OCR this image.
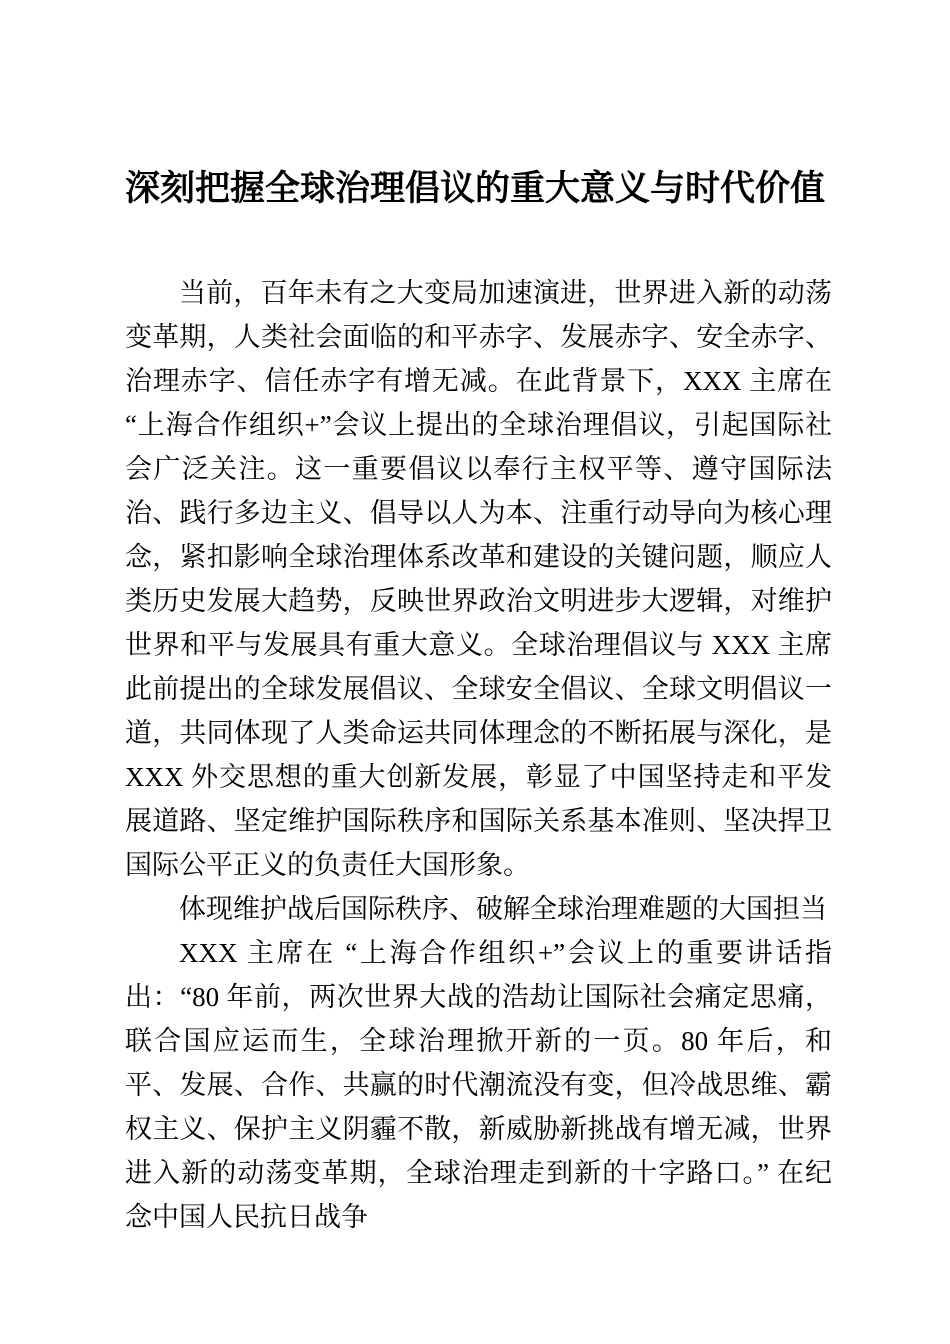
深刻把握全球治理倡议的重大意义与时代价值

当前，百年未有之大变局加速演进，世界进入新的动荡变革期，人类社会面临的和平赤字、发展赤字、安全赤字、治理赤字、信任赤字有增无减。在此背景下，XXX 主席在 “上海合作组织+”会议上提出的全球治理倡议，引起国际社会广泛关注。这一重要倡议以奉行主权平等、遵守国际法治、践行多边主义、倡导以人为本、注重行动导向为核心理念，紧扣影响全球治理体系改革和建设的关键问题，顺应人类历史发展大趋势，反映世界政治文明进步大逻辑，对维护世界和平与发展具有重大意义。全球治理倡议与 XXX 主席此前提出的全球发展倡议、全球安全倡议、全球文明倡议一道，共同体现了人类命运共同体理念的不断拓展与深化，是 XXX 外交思想的重大创新发展，彰显了中国坚持走和平发展道路、坚定维护国际秩序和国际关系基本准则、坚决捍卫国际公平正义的负责任大国形象。

体现维护战后国际秩序、破解全球治理难题的大国担当

XXX 主席在 “上海合作组织+”会议上的重要讲话指出：“80 年前，两次世界大战的浩劫让国际社会痛定思痛，联合国应运而生，全球治理掀开新的一页。80 年后，和平、发展、合作、共赢的时代潮流没有变，但冷战思维、霸权主义、保护主义阴霾不散，新威胁新挑战有增无减，世界进入新的动荡变革期，全球治理走到新的十字路口。” 在纪念中国人民抗日战争
